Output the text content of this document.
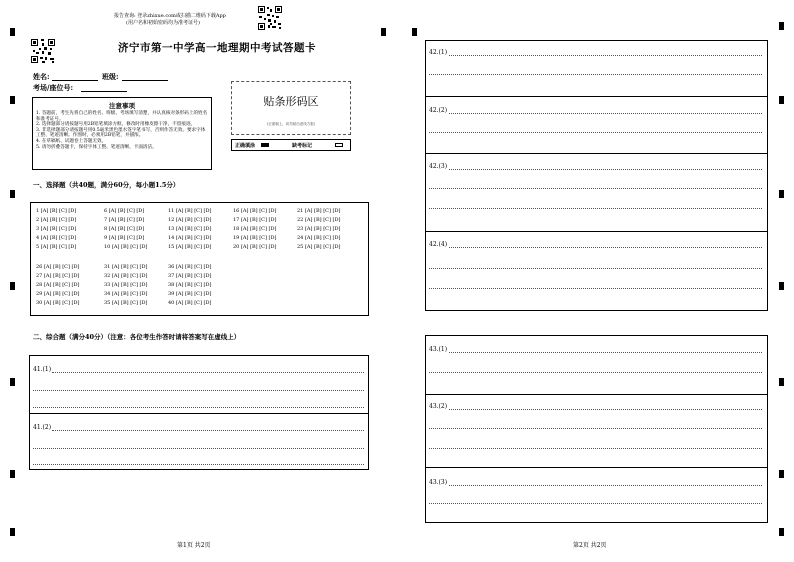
报告查询: 登录zhixue.com或扫描二维码下载App
(用户名和初始密码均为准考证号)
济宁市第一中学高一地理期中考试答题卡
姓名:	班级:
考场/座位号:
注意事项
1. 答题前，考生先将自己的姓名、班级、考场填写清楚，并认真核对条形码上的姓名和准考证号。
2. 选择题部分请按题号用2B铅笔填涂方框，修改时用橡皮擦干净，不留痕迹。
3. 非选择题部分请按题号用0.5毫米黑色墨水签字笔书写，否则作答无效。要求字体工整、笔迹清晰。作图时，必须用2B铅笔，并描浓。
4. 在草稿纸、试题卷上答题无效。
5. 请勿折叠答题卡，保持字体工整、笔迹清晰、卡面清洁。
贴条形码区
(正面朝上，切勿贴出虚线方框)
正确填涂	缺考标记
一、选择题（共40题，满分60分，每小题1.5分）
1 [A] [B] [C] [D]	6 [A] [B] [C] [D]	11 [A] [B] [C] [D]	16 [A] [B] [C] [D]	21 [A] [B] [C] [D]
2 [A] [B] [C] [D]	7 [A] [B] [C] [D]	12 [A] [B] [C] [D]	17 [A] [B] [C] [D]	22 [A] [B] [C] [D]
3 [A] [B] [C] [D]	8 [A] [B] [C] [D]	13 [A] [B] [C] [D]	18 [A] [B] [C] [D]	23 [A] [B] [C] [D]
4 [A] [B] [C] [D]	9 [A] [B] [C] [D]	14 [A] [B] [C] [D]	19 [A] [B] [C] [D]	24 [A] [B] [C] [D]
5 [A] [B] [C] [D]	10 [A] [B] [C] [D]	15 [A] [B] [C] [D]	20 [A] [B] [C] [D]	25 [A] [B] [C] [D]
26 [A] [B] [C] [D]	31 [A] [B] [C] [D]	36 [A] [B] [C] [D]
27 [A] [B] [C] [D]	32 [A] [B] [C] [D]	37 [A] [B] [C] [D]
28 [A] [B] [C] [D]	33 [A] [B] [C] [D]	38 [A] [B] [C] [D]
29 [A] [B] [C] [D]	34 [A] [B] [C] [D]	39 [A] [B] [C] [D]
30 [A] [B] [C] [D]	35 [A] [B] [C] [D]	40 [A] [B] [C] [D]
二、综合题（满分40分）（注意：各位考生作答时请将答案写在虚线上）
41.(1)
41.(2)
第1页 共2页
42.(1)
42.(2)
42.(3)
42.(4)
43.(1)
43.(2)
43.(3)
第2页 共2页
